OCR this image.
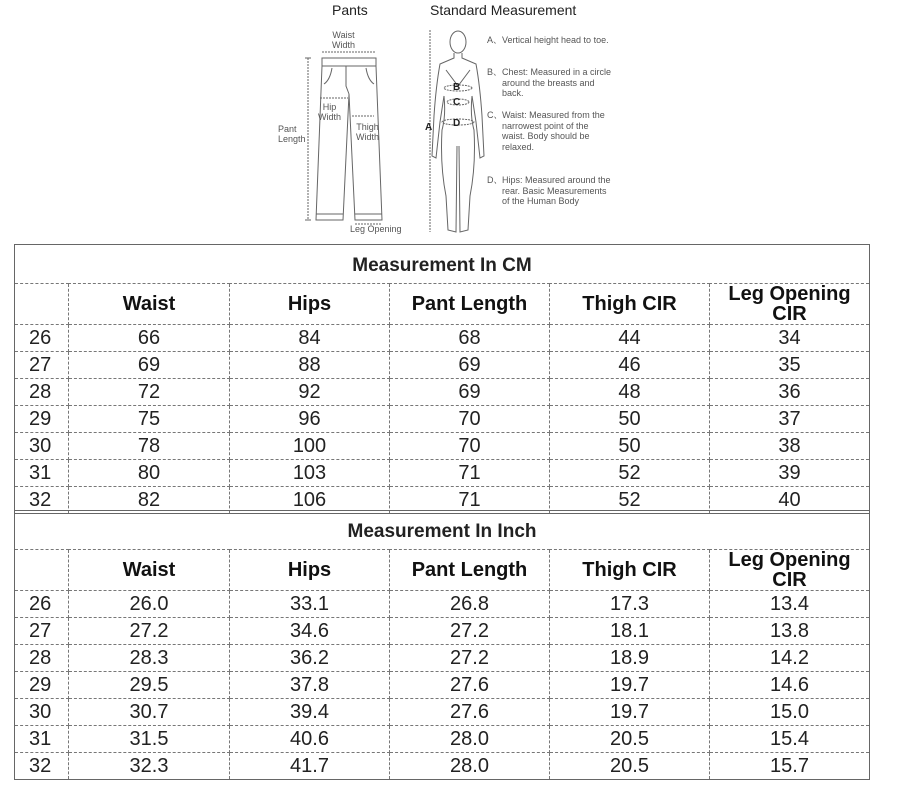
Pants	Standard Measurement
Waist
Width
Hip
Width
Thigh
Width
Pant
Length
Leg Opening
A
B
C
D
A、 Vertical height head to toe.
B、 Chest: Measured in a circle around the breasts and back.
C、 Waist: Measured from the narrowest point of the waist. Body should be relaxed.
D、 Hips: Measured around the rear. Basic Measurements of the Human Body
Measurement In CM					
	Waist	Hips	Pant Length	Thigh CIR	Leg Opening CIR
26	66	84	68	44	34
27	69	88	69	46	35
28	72	92	69	48	36
29	75	96	70	50	37
30	78	100	70	50	38
31	80	103	71	52	39
32	82	106	71	52	40
Measurement In Inch					
	Waist	Hips	Pant Length	Thigh CIR	Leg Opening CIR
26	26.0	33.1	26.8	17.3	13.4
27	27.2	34.6	27.2	18.1	13.8
28	28.3	36.2	27.2	18.9	14.2
29	29.5	37.8	27.6	19.7	14.6
30	30.7	39.4	27.6	19.7	15.0
31	31.5	40.6	28.0	20.5	15.4
32	32.3	41.7	28.0	20.5	15.7
